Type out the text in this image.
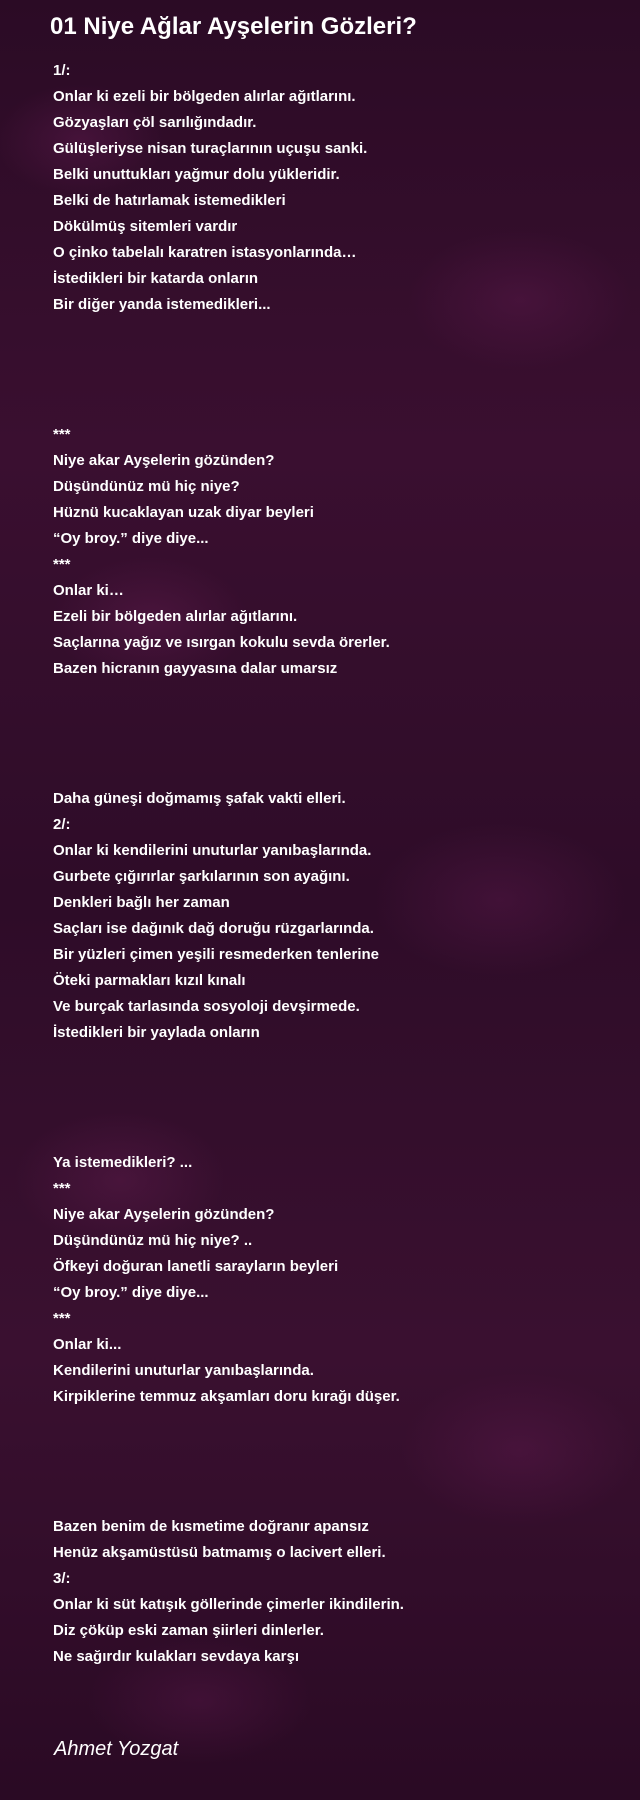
01 Niye Ağlar Ayşelerin Gözleri?
1/:
Onlar ki ezeli bir bölgeden alırlar ağıtlarını.
Gözyaşları çöl sarılığındadır.
Gülüşleriyse nisan turaçlarının uçuşu sanki.
Belki unuttukları yağmur dolu yükleridir.
Belki de hatırlamak istemedikleri
Dökülmüş sitemleri vardır
O çinko tabelalı karatren istasyonlarında…
İstedikleri bir katarda onların
Bir diğer yanda istemedikleri...
***
Niye akar Ayşelerin gözünden?
Düşündünüz mü hiç niye?
Hüznü kucaklayan uzak diyar beyleri
“Oy broy.” diye diye...
***
Onlar ki…
Ezeli bir bölgeden alırlar ağıtlarını.
Saçlarına yağız ve ısırgan kokulu sevda örerler.
Bazen hicranın gayyasına dalar umarsız
Daha güneşi doğmamış şafak vakti elleri.
2/:
Onlar ki kendilerini unuturlar yanıbaşlarında.
Gurbete çığırırlar şarkılarının son ayağını.
Denkleri bağlı her zaman
Saçları ise dağınık dağ doruğu rüzgarlarında.
Bir yüzleri çimen yeşili resmederken tenlerine
Öteki parmakları kızıl kınalı
Ve burçak tarlasında sosyoloji devşirmede.
İstedikleri bir yaylada onların
Ya istemedikleri? ...
***
Niye akar Ayşelerin gözünden?
Düşündünüz mü hiç niye? ..
Öfkeyi doğuran lanetli sarayların beyleri
“Oy broy.” diye diye...
***
Onlar ki...
Kendilerini unuturlar yanıbaşlarında.
Kirpiklerine temmuz akşamları doru kırağı düşer.
Bazen benim de kısmetime doğranır apansız
Henüz akşamüstüsü batmamış o lacivert elleri.
3/:
Onlar ki süt katışık göllerinde çimerler ikindilerin.
Diz çöküp eski zaman şiirleri dinlerler.
Ne sağırdır kulakları sevdaya karşı
Ahmet Yozgat
